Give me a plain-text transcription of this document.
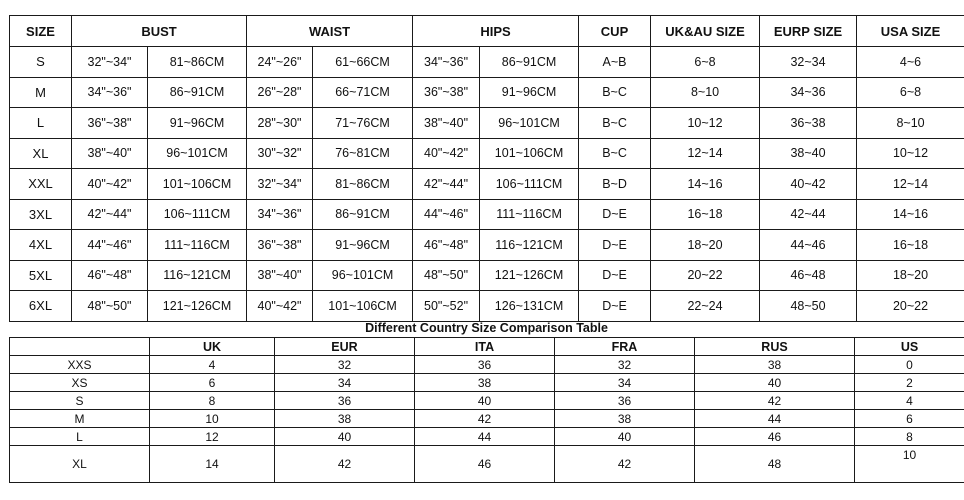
SIZE	BUST		WAIST		HIPS		CUP	UK&AU SIZE	EURP SIZE	USA SIZE
S	32"~34"	81~86CM	24"~26"	61~66CM	34"~36"	86~91CM	A~B	6~8	32~34	4~6
M	34"~36"	86~91CM	26"~28"	66~71CM	36"~38"	91~96CM	B~C	8~10	34~36	6~8
L	36"~38"	91~96CM	28"~30"	71~76CM	38"~40"	96~101CM	B~C	10~12	36~38	8~10
XL	38"~40"	96~101CM	30"~32"	76~81CM	40"~42"	101~106CM	B~C	12~14	38~40	10~12
XXL	40"~42"	101~106CM	32"~34"	81~86CM	42"~44"	106~111CM	B~D	14~16	40~42	12~14
3XL	42"~44"	106~111CM	34"~36"	86~91CM	44"~46"	111~116CM	D~E	16~18	42~44	14~16
4XL	44"~46"	111~116CM	36"~38"	91~96CM	46"~48"	116~121CM	D~E	18~20	44~46	16~18
5XL	46"~48"	116~121CM	38"~40"	96~101CM	48"~50"	121~126CM	D~E	20~22	46~48	18~20
6XL	48"~50"	121~126CM	40"~42"	101~106CM	50"~52"	126~131CM	D~E	22~24	48~50	20~22
Different Country Size Comparison Table
	UK	EUR	ITA	FRA	RUS	US
XXS	4	32	36	32	38	0
XS	6	34	38	34	40	2
S	8	36	40	36	42	4
M	10	38	42	38	44	6
L	12	40	44	40	46	8
XL	14	42	46	42	48	10
